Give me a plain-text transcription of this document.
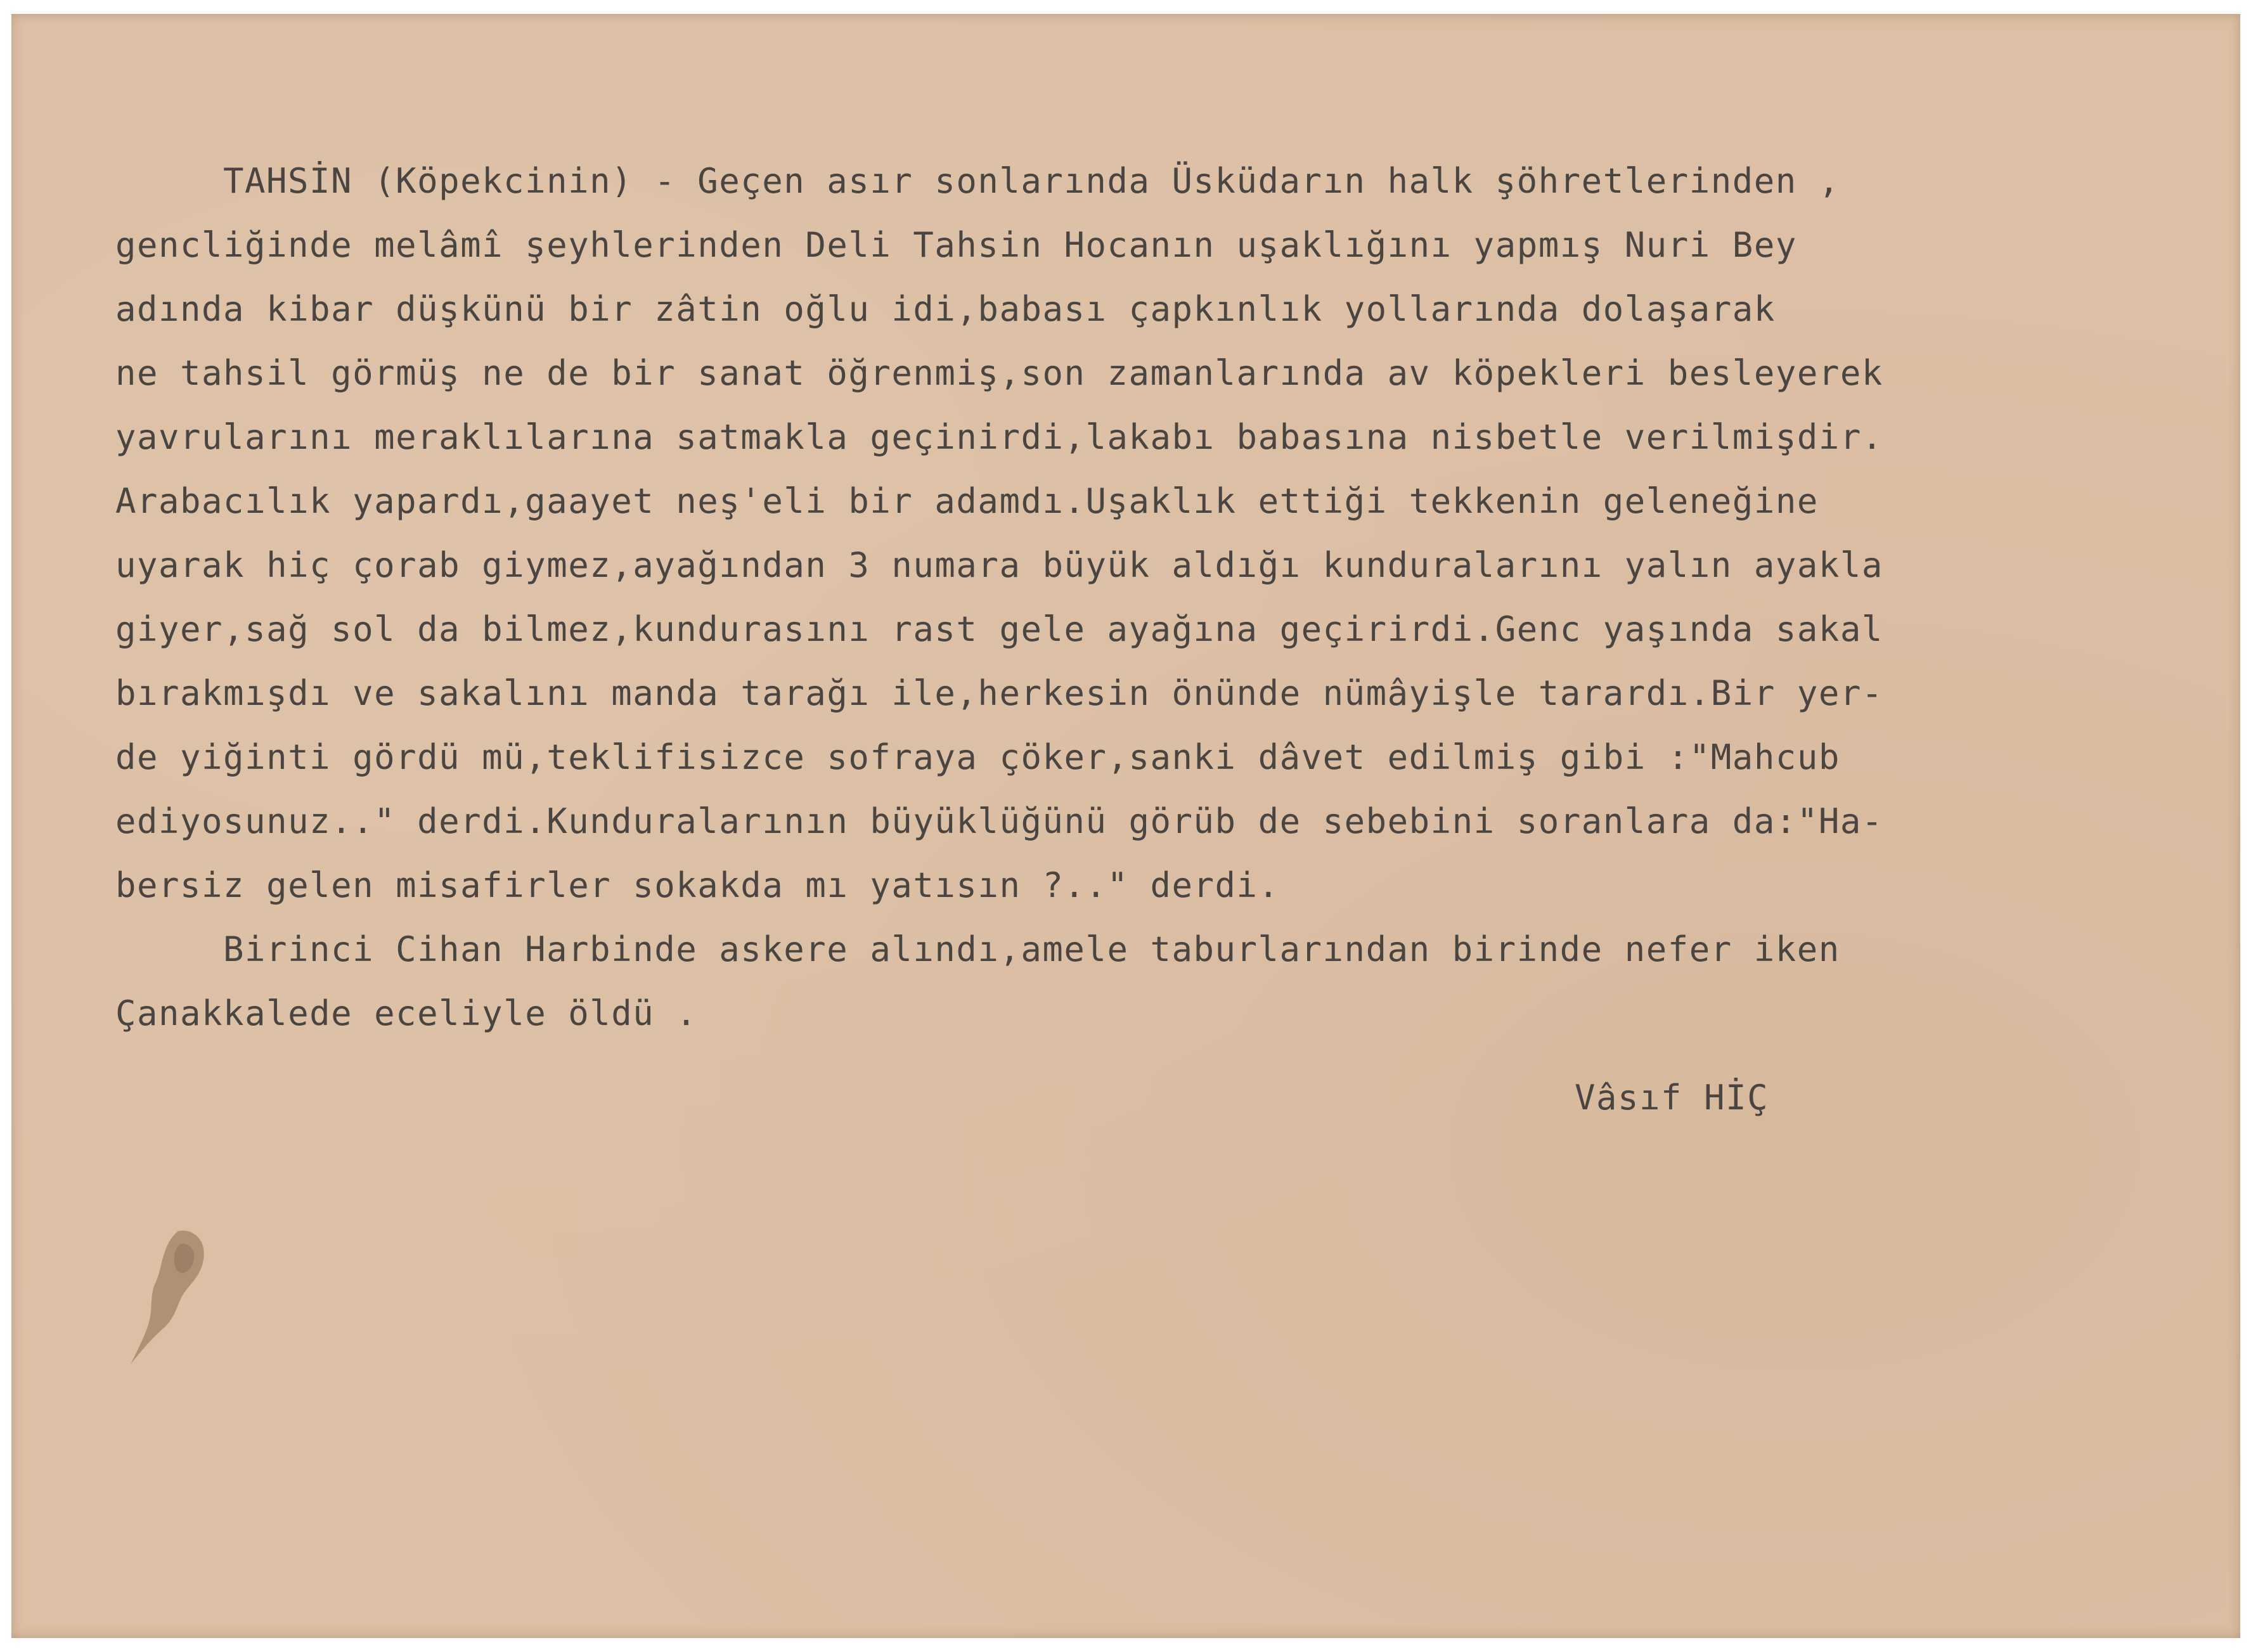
TAHSİN (Köpekcinin) - Geçen asır sonlarında Üsküdarın halk şöhretlerinden ,
gencliğinde melâmî şeyhlerinden Deli Tahsin Hocanın uşaklığını yapmış Nuri Bey
adında kibar düşkünü bir zâtin oğlu idi,babası çapkınlık yollarında dolaşarak
ne tahsil görmüş ne de bir sanat öğrenmiş,son zamanlarında av köpekleri besleyerek
yavrularını meraklılarına satmakla geçinirdi,lakabı babasına nisbetle verilmişdir.
Arabacılık yapardı,gaayet neş'eli bir adamdı.Uşaklık ettiği tekkenin geleneğine
uyarak hiç çorab giymez,ayağından 3 numara büyük aldığı kunduralarını yalın ayakla
giyer,sağ sol da bilmez,kundurasını rast gele ayağına geçirirdi.Genc yaşında sakal
bırakmışdı ve sakalını manda tarağı ile,herkesin önünde nümâyişle tarardı.Bir yer-
de yiğinti gördü mü,teklifisizce sofraya çöker,sanki dâvet edilmiş gibi :"Mahcub
ediyosunuz.." derdi.Kunduralarının büyüklüğünü görüb de sebebini soranlara da:"Ha-
bersiz gelen misafirler sokakda mı yatısın ?.." derdi.
Birinci Cihan Harbinde askere alındı,amele taburlarından birinde nefer iken
Çanakkalede eceliyle öldü .
Vâsıf HİÇ
